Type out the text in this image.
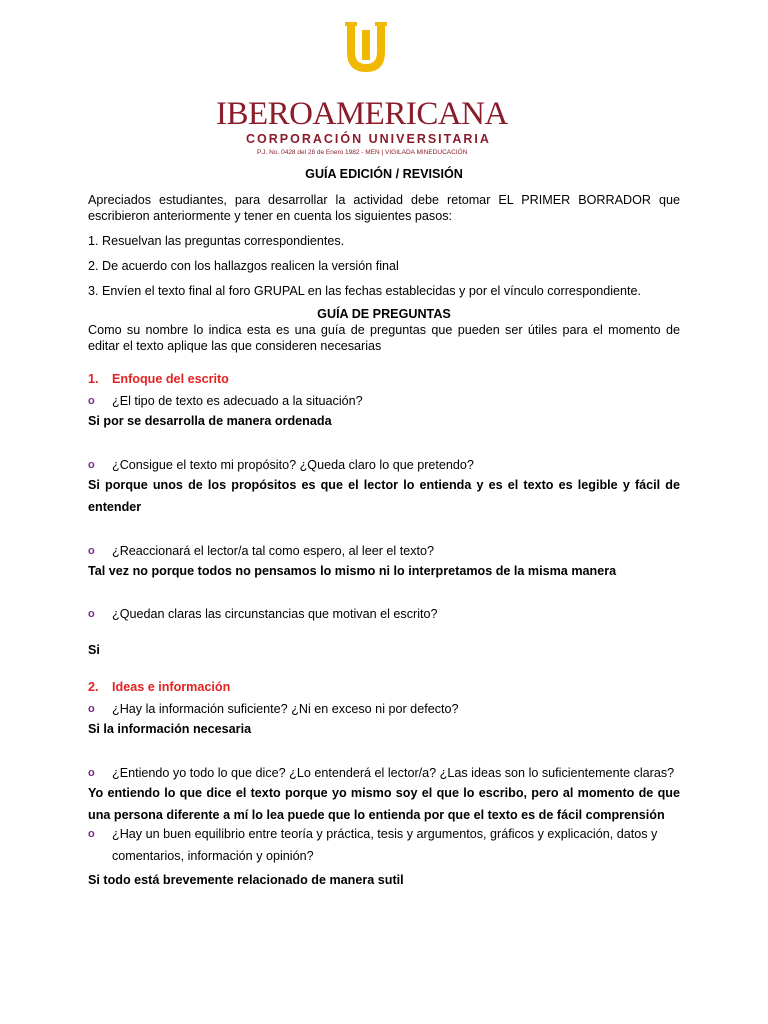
IBEROAMERICANA
CORPORACIÓN UNIVERSITARIA
P.J. No. 0428 del 28 de Enero 1982 - MEN | VIGILADA MINEDUCACIÓN
GUÍA EDICIÓN / REVISIÓN
Apreciados estudiantes, para desarrollar la actividad debe retomar EL PRIMER BORRADOR que escribieron anteriormente y tener en cuenta los siguientes pasos:
1. Resuelvan las preguntas correspondientes.
2. De acuerdo con los hallazgos realicen la versión final
3. Envíen el texto final al foro GRUPAL en las fechas establecidas y por el vínculo correspondiente.
GUÍA DE PREGUNTAS
Como su nombre lo indica esta es una guía de preguntas que pueden ser útiles para el momento de editar el texto aplique las que consideren necesarias
1. Enfoque del escrito
o ¿El tipo de texto es adecuado a la situación?
Si por se desarrolla de manera ordenada
o ¿Consigue el texto mi propósito? ¿Queda claro lo que pretendo?
Si porque unos de los propósitos es que el lector lo entienda y es el texto es legible y fácil de entender
o ¿Reaccionará el lector/a tal como espero, al leer el texto?
Tal vez no porque todos no pensamos lo mismo ni lo interpretamos de la misma manera
o ¿Quedan claras las circunstancias que motivan el escrito?
Si
2. Ideas e información
o ¿Hay la información suficiente? ¿Ni en exceso ni por defecto?
Si la información necesaria
o ¿Entiendo yo todo lo que dice? ¿Lo entenderá el lector/a? ¿Las ideas son lo suficientemente claras?
Yo entiendo lo que dice el texto porque yo mismo soy el que lo escribo, pero al momento de que una persona diferente a mí lo lea puede que lo entienda por que el texto es de fácil comprensión
o ¿Hay un buen equilibrio entre teoría y práctica, tesis y argumentos, gráficos y explicación, datos y comentarios, información y opinión?
Si todo está brevemente relacionado de manera sutil
